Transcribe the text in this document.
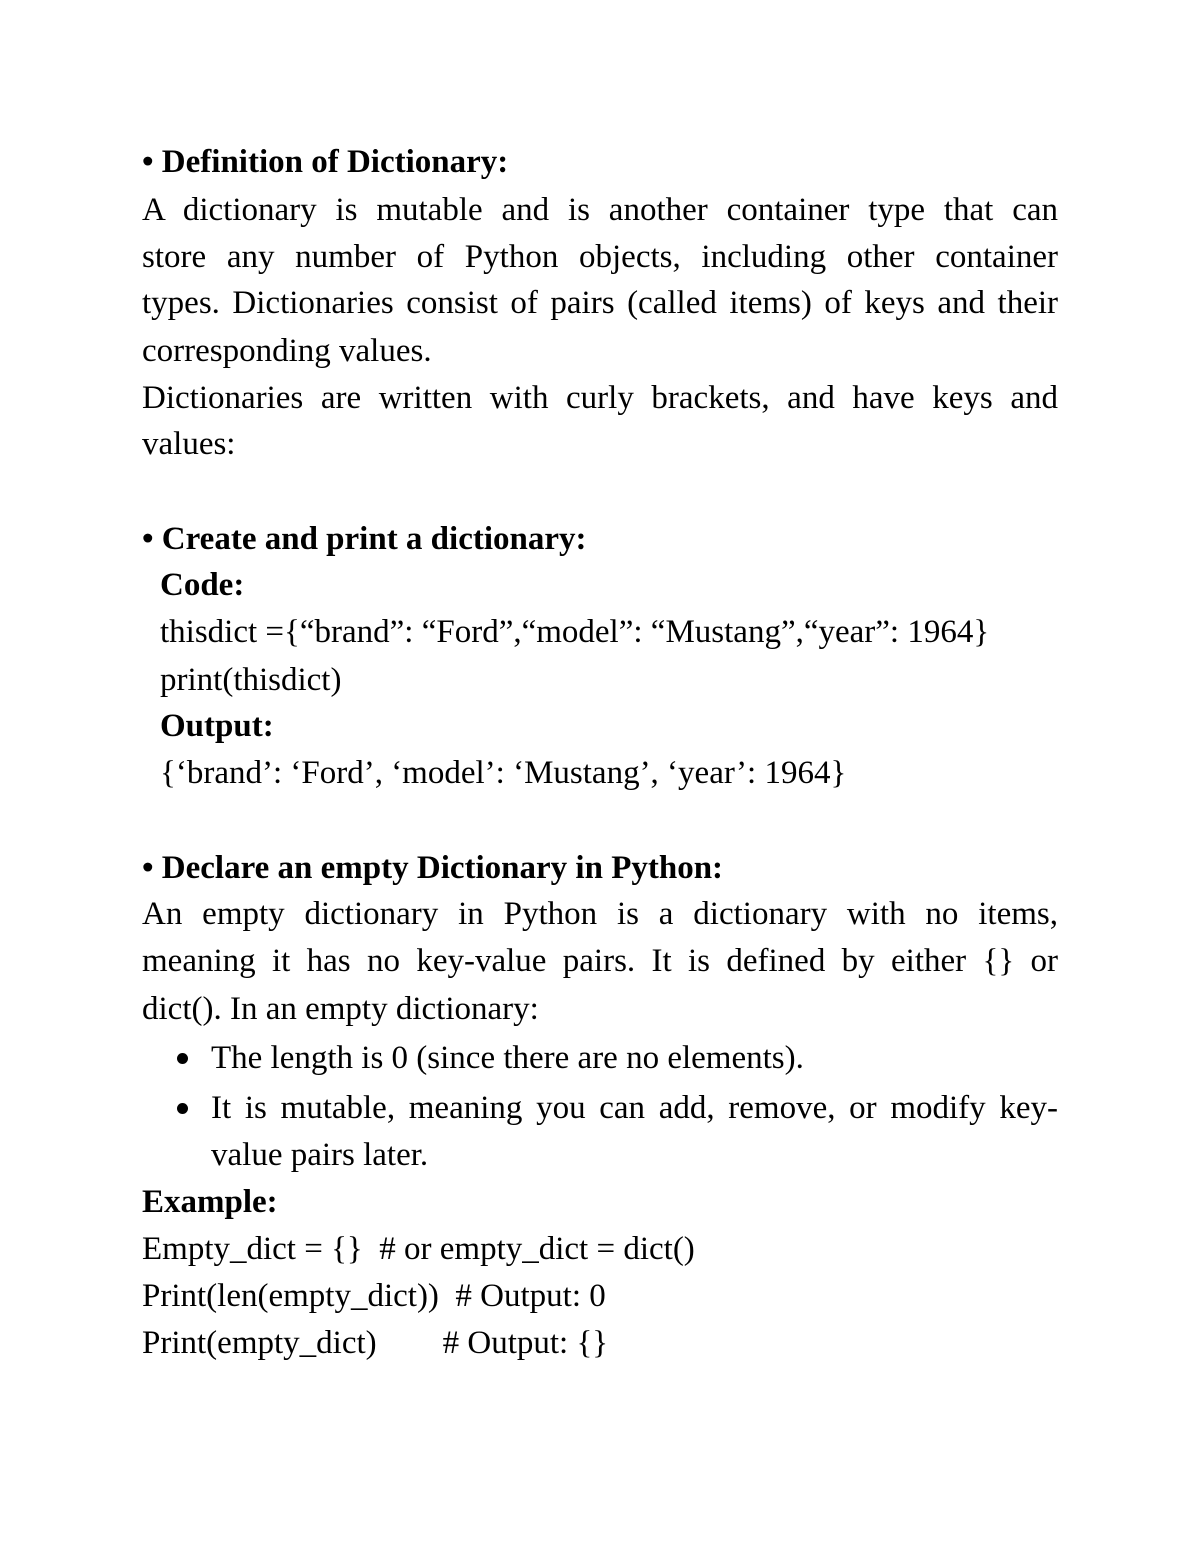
• Definition of Dictionary:
A dictionary is mutable and is another container type that can
store any number of Python objects, including other container
types. Dictionaries consist of pairs (called items) of keys and their
corresponding values.
Dictionaries are written with curly brackets, and have keys and
values:
• Create and print a dictionary:
Code:
thisdict ={“brand”: “Ford”,“model”: “Mustang”,“year”: 1964}
print(thisdict)
Output:
{‘brand’: ‘Ford’, ‘model’: ‘Mustang’, ‘year’: 1964}
• Declare an empty Dictionary in Python:
An empty dictionary in Python is a dictionary with no items,
meaning it has no key-value pairs. It is defined by either {} or
dict(). In an empty dictionary:
The length is 0 (since there are no elements).
It is mutable, meaning you can add, remove, or modify key-
value pairs later.
Example:
Empty_dict = {}  # or empty_dict = dict()
Print(len(empty_dict))  # Output: 0
Print(empty_dict)        # Output: {}
